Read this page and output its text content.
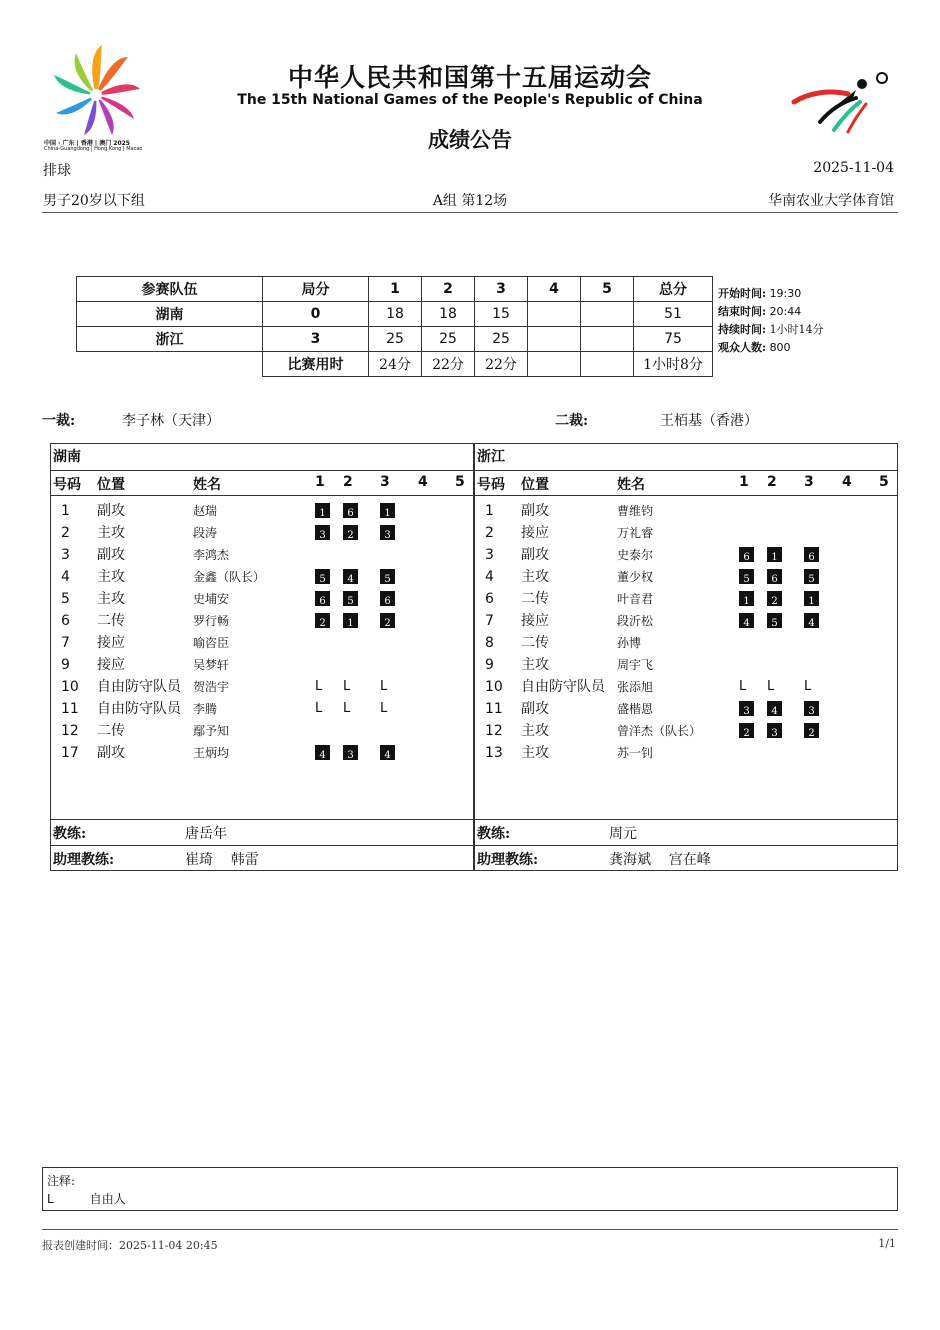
中国 · 广东 | 香港 | 澳门 2025
China-Guangdong | Hong Kong | Macao
中华人民共和国第十五届运动会
The 15th National Games of the People's Republic of China
成绩公告
排球	2025-11-04
男子20岁以下组	A组 第12场	华南农业大学体育馆
参赛队伍	局分	1	2	3	4	5	总分
湖南	0	18	18	15			51
浙江	3	25	25	25			75
	比赛用时	24分	22分	22分			1小时8分
开始时间: 19:30
结束时间: 20:44
持续时间: 1小时14分
观众人数: 800
一裁:	李子林（天津）	二裁:	王栢基（香港）
湖南
号码 位置	姓名	1 2 3 4 5
1 副攻	赵瑞	1	6	1
2 主攻	段涛	3	2	3
3 副攻	李鸿杰
4 主攻	金鑫（队长）	5	4	5
5 主攻	史埔安	6	5	6
6 二传	罗行畅	2	1	2
7 接应	喻咨臣
9 接应	吴梦轩
10 自由防守队员 贺浩宇	L L L
11 自由防守队员 李腾	L L L
12 二传	鄢予知
17 副攻	王炳均	4	3	4
教练:	唐岳年
助理教练:	崔琦    韩雷
浙江
号码 位置	姓名	1 2 3 4 5
1 副攻	曹维钧
2 接应	万礼睿
3 副攻	史泰尔	6	1	6
4 主攻	董少权	5	6	5
6 二传	叶音君	1	2	1
7 接应	段沂松	4	5	4
8 二传	孙博
9 主攻	周宇飞
10 自由防守队员 张添旭	L L L
11 副攻	盛楷恩	3	4	3
12 主攻	曾洋杰（队长）	2	3	2
13 主攻	苏一钊
教练:	周元
助理教练:	龚海斌    宫在峰
注释:
L	自由人
报表创建时间：2025-11-04 20:45	1/1
